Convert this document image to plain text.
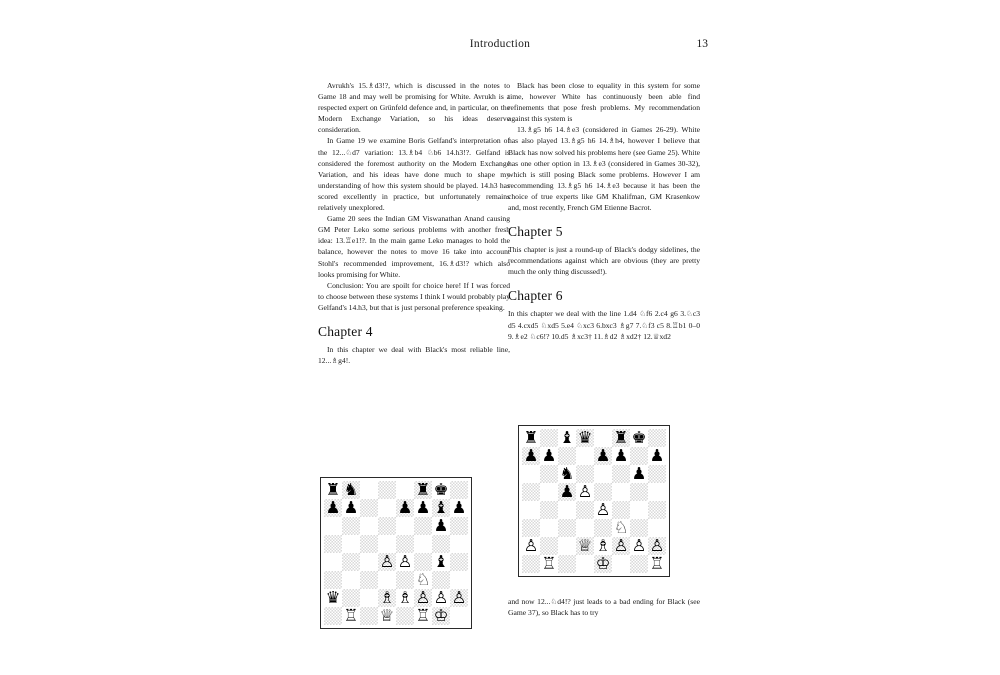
Introduction	13

Avrukh's 15.♗d3!?, which is discussed in the notes to Game 18 and may well be promising for White. Avrukh is a respected expert on Grünfeld defence and, in particular, on the Modern Exchange Variation, so his ideas deserve consideration.

In Game 19 we examine Boris Gelfand's interpretation of the 12...♘d7 variation: 13.♗b4 ♘b6 14.h3!?. Gelfand is considered the foremost authority on the Modern Exchange Variation, and his ideas have done much to shape my understanding of how this system should be played. 14.h3 has scored excellently in practice, but unfortunately remains relatively unexplored.

Game 20 sees the Indian GM Viswanathan Anand causing GM Peter Leko some serious problems with another fresh idea: 13.♖e1!?. In the main game Leko manages to hold the balance, however the notes to move 16 take into account Stohl's recommended improvement, 16.♗d3!? which also looks promising for White.

Conclusion: You are spoilt for choice here! If I was forced to choose between these systems I think I would probably play Gelfand's 14.h3, but that is just personal preference speaking.

Chapter 4

In this chapter we deal with Black's most reliable line, 12...♗g4!.

Black has been close to equality in this system for some time, however White has continuously been able find refinements that pose fresh problems. My recommendation against this system is

13.♗g5 h6 14.♗e3 (considered in Games 26-29). White has also played 13.♗g5 h6 14.♗h4, however I believe that Black has now solved his problems here (see Game 25). White has one other option in 13.♗e3 (considered in Games 30-32), which is still posing Black some problems. However I am recommending 13.♗g5 h6 14.♗e3 because it has been the choice of true experts like GM Khalifman, GM Krasenkow and, most recently, French GM Etienne Bacrot.

Chapter 5

This chapter is just a round-up of Black's dodgy sidelines, the recommendations against which are obvious (they are pretty much the only thing discussed!).

Chapter 6

In this chapter we deal with the line 1.d4 ♘f6 2.c4 g6 3.♘c3 d5 4.cxd5 ♘xd5 5.e4 ♘xc3 6.bxc3 ♗g7 7.♘f3 c5 8.♖b1 0–0 9.♗e2 ♘c6!? 10.d5 ♗xc3† 11.♗d2 ♗xd2† 12.♕xd2

♜ ♞	♜ ♚
♟ ♟ ♟ ♟ ♝ ♟
♟
♙ ♙ ♝
♘
♛ ♗ ♗ ♙ ♙ ♙
♖ ♕ ♖ ♔
♜ ♝ ♛ ♜ ♚
♟ ♟ ♟ ♟ ♟
♞	♟
♟ ♙
♙
♘
♙ ♕ ♗ ♙ ♙ ♙
♖ ♔ ♖
and now 12...♘d4!? just leads to a bad ending for Black (see Game 37), so Black has to try
